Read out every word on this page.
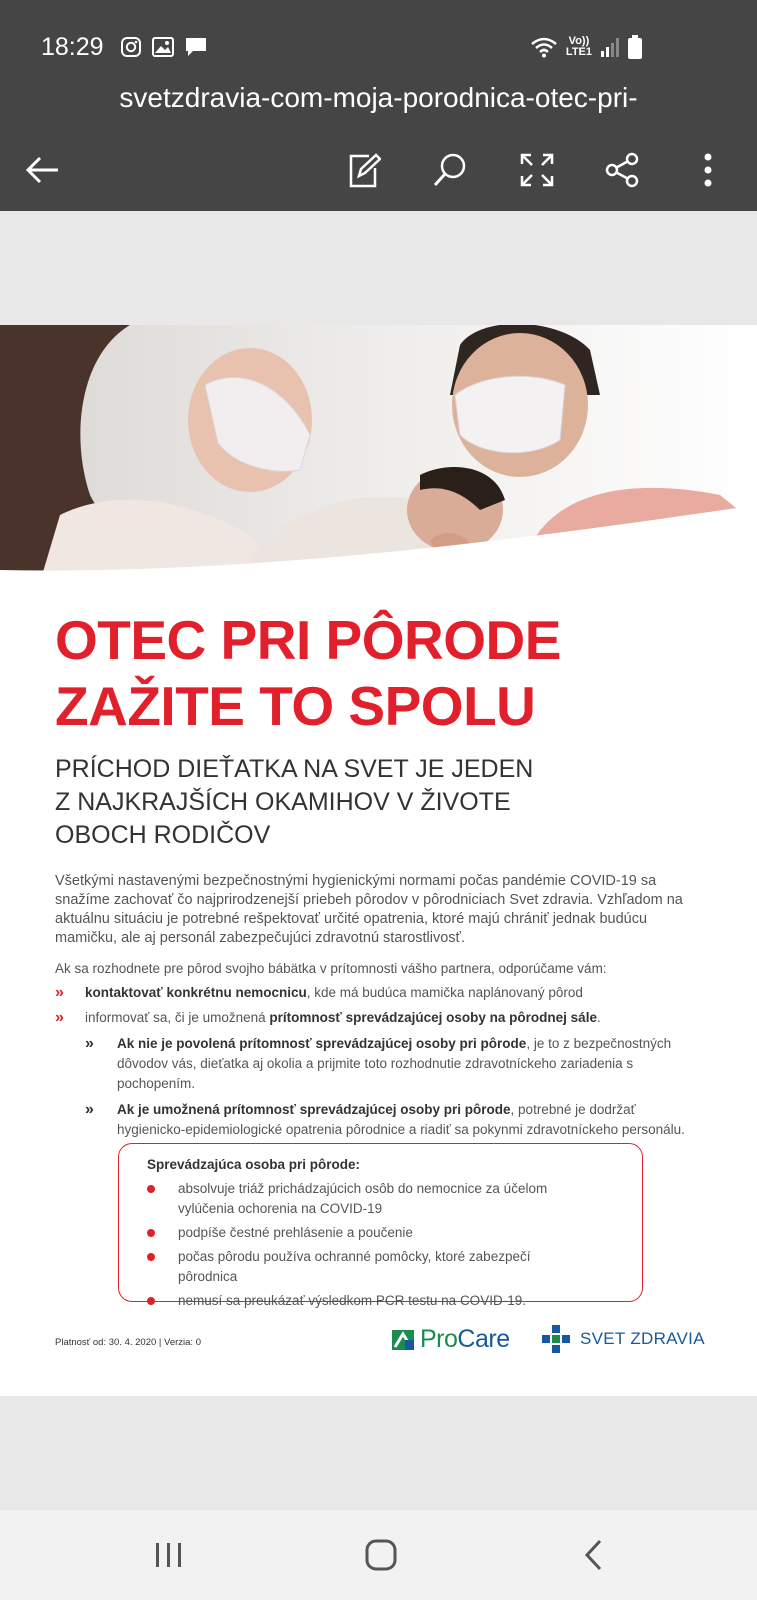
18:29	Vo))
LTE1
svetzdravia-com-moja-porodnica-otec-pri-
OTEC PRI PÔRODE
ZAŽITE TO SPOLU
PRÍCHOD DIEŤATKA NA SVET JE JEDEN
Z NAJKRAJŠÍCH OKAMIHOV V ŽIVOTE
OBOCH RODIČOV

Všetkými nastavenými bezpečnostnými hygienickými normami počas pandémie COVID-19 sa snažíme zachovať čo najprirodzenejší priebeh pôrodov v pôrodniciach Svet zdravia. Vzhľadom na aktuálnu situáciu je potrebné rešpektovať určité opatrenia, ktoré majú chrániť jednak budúcu mamičku, ale aj personál zabezpečujúci zdravotnú starostlivosť.

Ak sa rozhodnete pre pôrod svojho bábätka v prítomnosti vášho partnera, odporúčame vám:

» kontaktovať konkrétnu nemocnicu, kde má budúca mamička naplánovaný pôrod
» informovať sa, či je umožnená prítomnosť sprevádzajúcej osoby na pôrodnej sále.
» Ak nie je povolená prítomnosť sprevádzajúcej osoby pri pôrode, je to z bezpečnostných dôvodov vás, dieťatka aj okolia a prijmite toto rozhodnutie zdravotníckeho zariadenia s pochopením.
» Ak je umožnená prítomnosť sprevádzajúcej osoby pri pôrode, potrebné je dodržať hygienicko-epidemiologické opatrenia pôrodnice a riadiť sa pokynmi zdravotníckeho personálu.
Sprevádzajúca osoba pri pôrode:
absolvuje triáž prichádzajúcich osôb do nemocnice za účelom vylúčenia ochorenia na COVID-19
podpíše čestné prehlásenie a poučenie
počas pôrodu používa ochranné pomôcky, ktoré zabezpečí pôrodnica
nemusí sa preukázať výsledkom PCR testu na COVID-19.
Platnosť od: 30. 4. 2020 | Verzia: 0	ProCare	SVET ZDRAVIA
